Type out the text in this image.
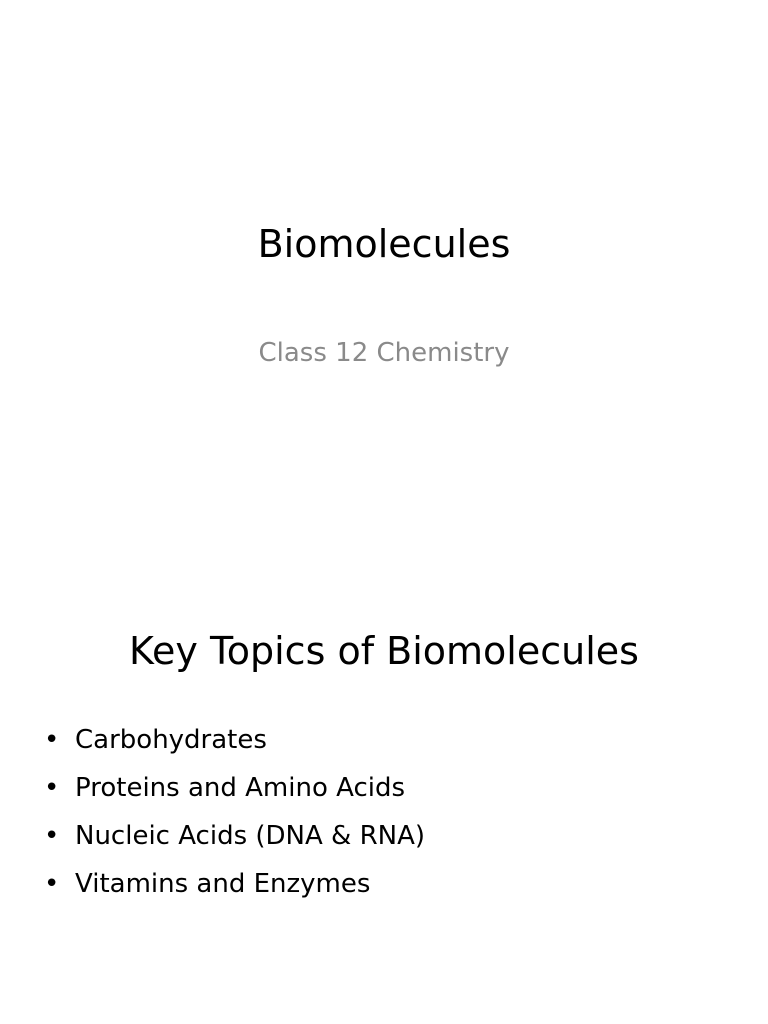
Biomolecules
Class 12 Chemistry
Key Topics of Biomolecules
• Carbohydrates
• Proteins and Amino Acids
• Nucleic Acids (DNA & RNA)
• Vitamins and Enzymes
